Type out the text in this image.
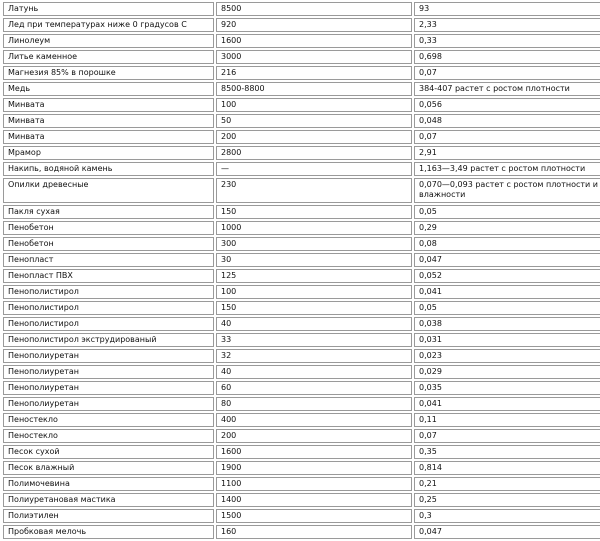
Латунь	8500	93
Лед при температурах ниже 0 градусов С	920	2,33
Линолеум	1600	0,33
Литье каменное	3000	0,698
Магнезия 85% в порошке	216	0,07
Медь	8500-8800	384-407 растет с ростом плотности
Минвата	100	0,056
Минвата	50	0,048
Минвата	200	0,07
Мрамор	2800	2,91
Накипь, водяной камень	—	1,163—3,49 растет с ростом плотности
Опилки древесные	230	0,070—0,093 растет с ростом плотности и влажности
Пакля сухая	150	0,05
Пенобетон	1000	0,29
Пенобетон	300	0,08
Пенопласт	30	0,047
Пенопласт ПВХ	125	0,052
Пенополистирол	100	0,041
Пенополистирол	150	0,05
Пенополистирол	40	0,038
Пенополистирол экструдированый	33	0,031
Пенополиуретан	32	0,023
Пенополиуретан	40	0,029
Пенополиуретан	60	0,035
Пенополиуретан	80	0,041
Пеностекло	400	0,11
Пеностекло	200	0,07
Песок сухой	1600	0,35
Песок влажный	1900	0,814
Полимочевина	1100	0,21
Полиуретановая мастика	1400	0,25
Полиэтилен	1500	0,3
Пробковая мелочь	160	0,047
